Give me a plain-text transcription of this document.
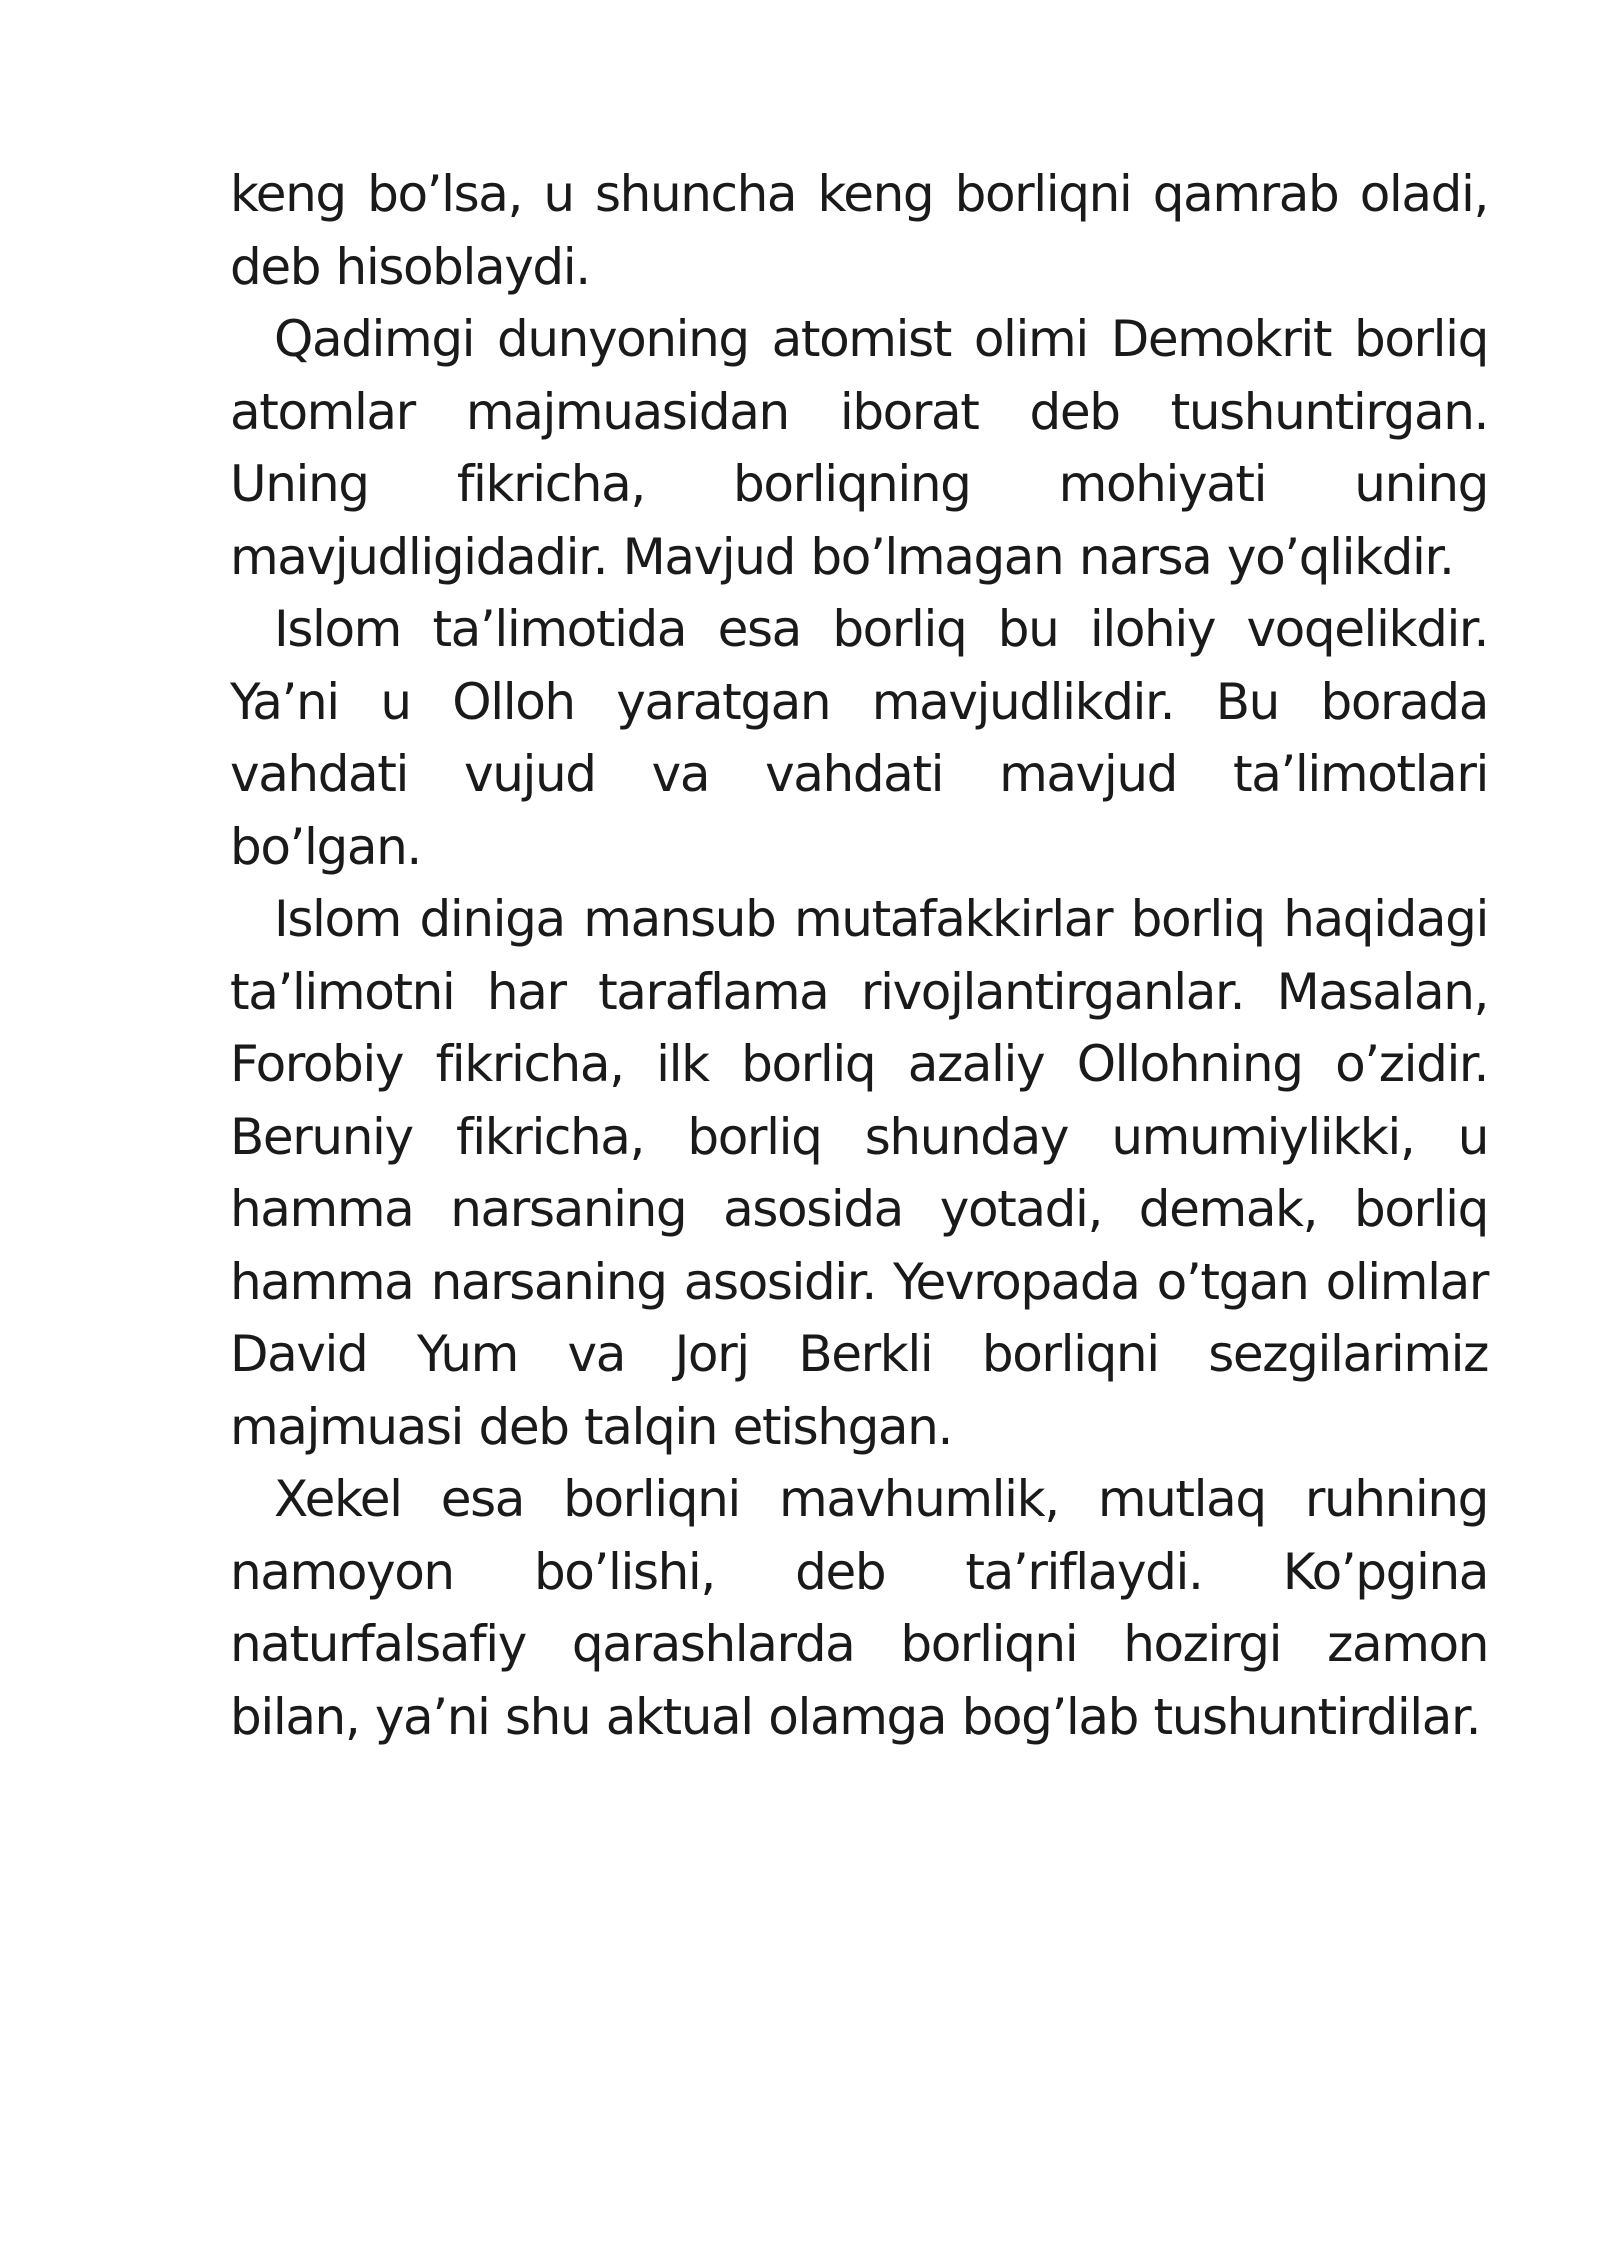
keng bo’lsa, u shuncha keng borliqni qamrab oladi, deb hisoblaydi.

Qadimgi dunyoning atomist olimi Demokrit borliq atomlar majmuasidan iborat deb tushuntirgan. Uning fikricha, borliqning mohiyati uning mavjudligidadir. Mavjud bo’lmagan narsa yo’qlikdir.

Islom ta’limotida esa borliq bu ilohiy voqelikdir. Ya’ni u Olloh yaratgan mavjudlikdir. Bu borada vahdati vujud va vahdati mavjud ta’limotlari bo’lgan.

Islom diniga mansub mutafakkirlar borliq haqidagi ta’limotni har taraflama rivojlantirganlar. Masalan, Forobiy fikricha, ilk borliq azaliy Ollohning o’zidir. Beruniy fikricha, borliq shunday umumiylikki, u hamma narsaning asosida yotadi, demak, borliq hamma narsaning asosidir. Yevropada o’tgan olimlar David Yum va Jorj Berkli borliqni sezgilarimiz majmuasi deb talqin etishgan.

Xekel esa borliqni mavhumlik, mutlaq ruhning namoyon bo’lishi, deb ta’riflaydi. Ko’pgina naturfalsafiy qarashlarda borliqni hozirgi zamon bilan, ya’ni shu aktual olamga bog’lab tushuntirdilar.
